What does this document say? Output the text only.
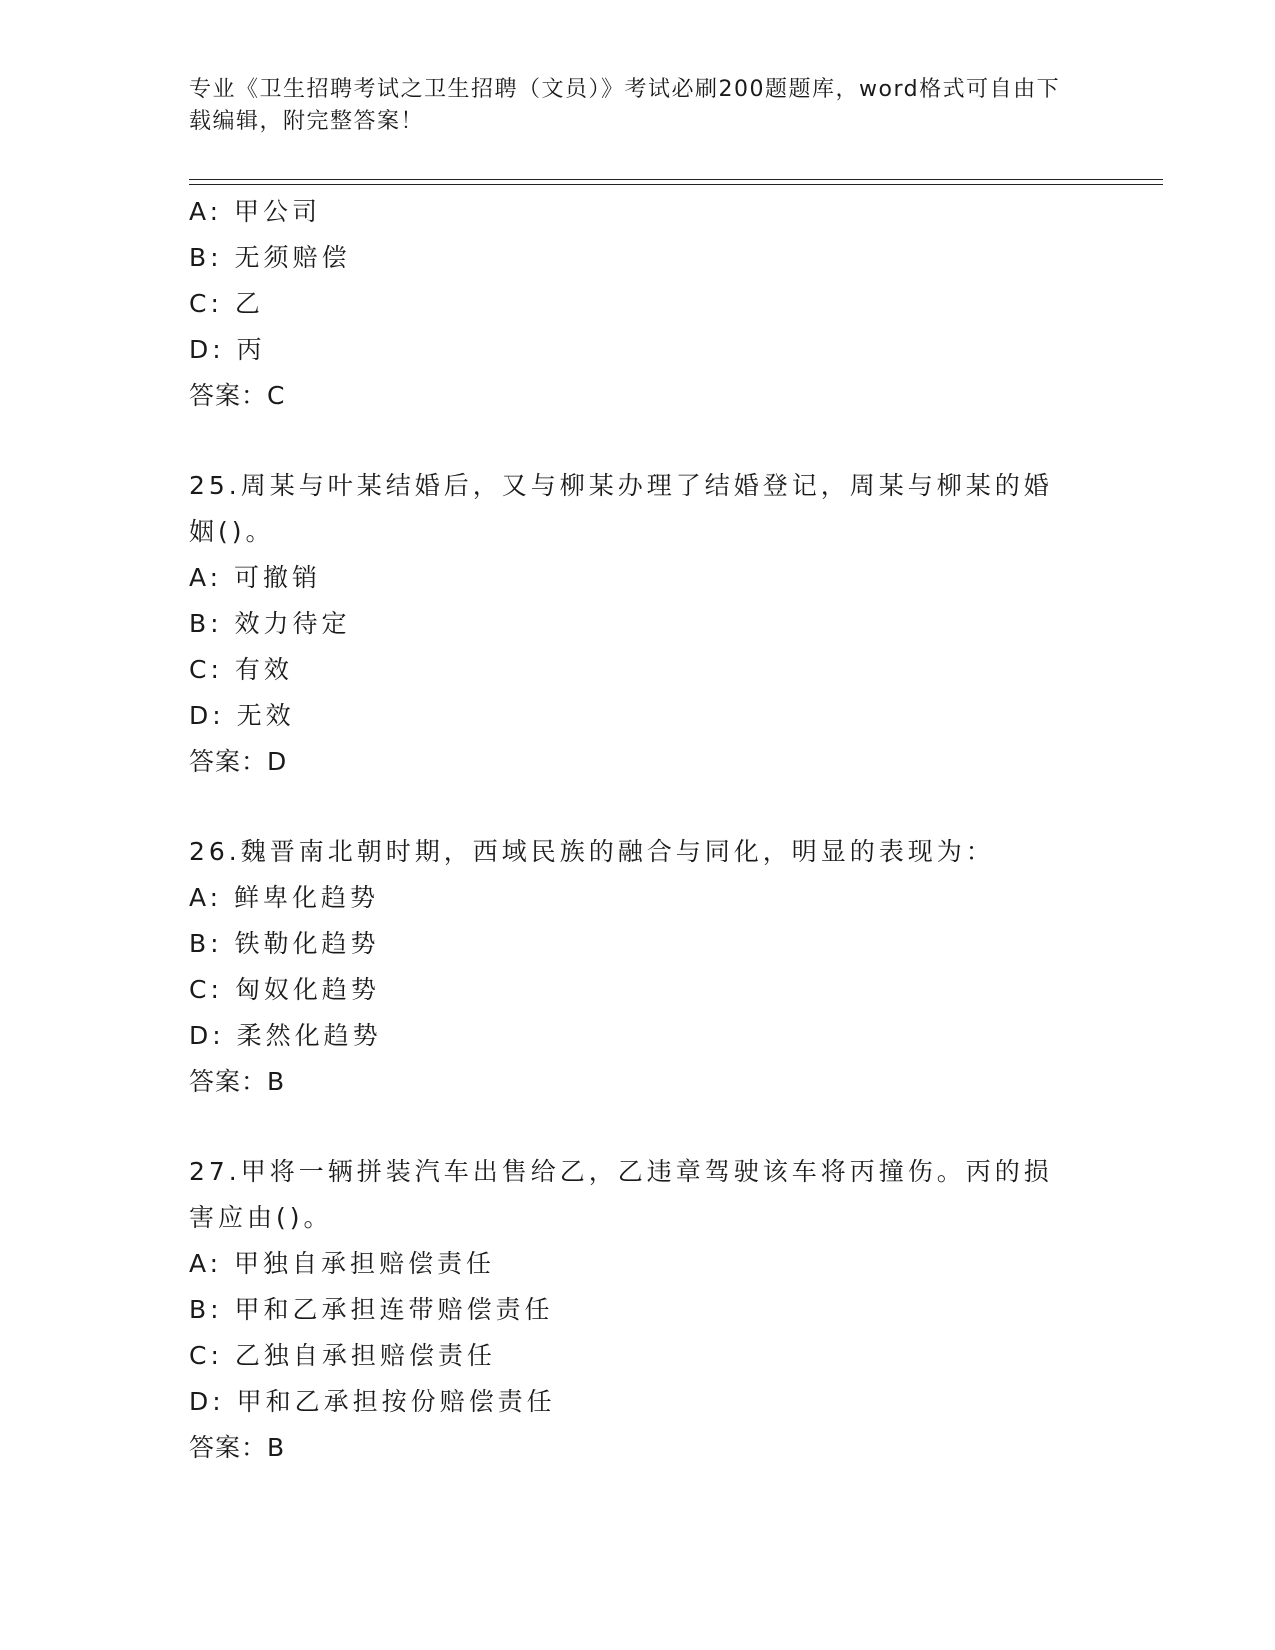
专业《卫生招聘考试之卫生招聘（文员）》考试必刷200题题库，word格式可自由下载编辑，附完整答案！
A: 甲公司
B: 无须赔偿
C: 乙
D: 丙
答案：C
25.周某与叶某结婚后，又与柳某办理了结婚登记，周某与柳某的婚姻()。
A: 可撤销
B: 效力待定
C: 有效
D: 无效
答案：D
26.魏晋南北朝时期，西域民族的融合与同化，明显的表现为：
A: 鲜卑化趋势
B: 铁勒化趋势
C: 匈奴化趋势
D: 柔然化趋势
答案：B
27.甲将一辆拼装汽车出售给乙，乙违章驾驶该车将丙撞伤。丙的损害应由()。
A: 甲独自承担赔偿责任
B: 甲和乙承担连带赔偿责任
C: 乙独自承担赔偿责任
D: 甲和乙承担按份赔偿责任
答案：B
